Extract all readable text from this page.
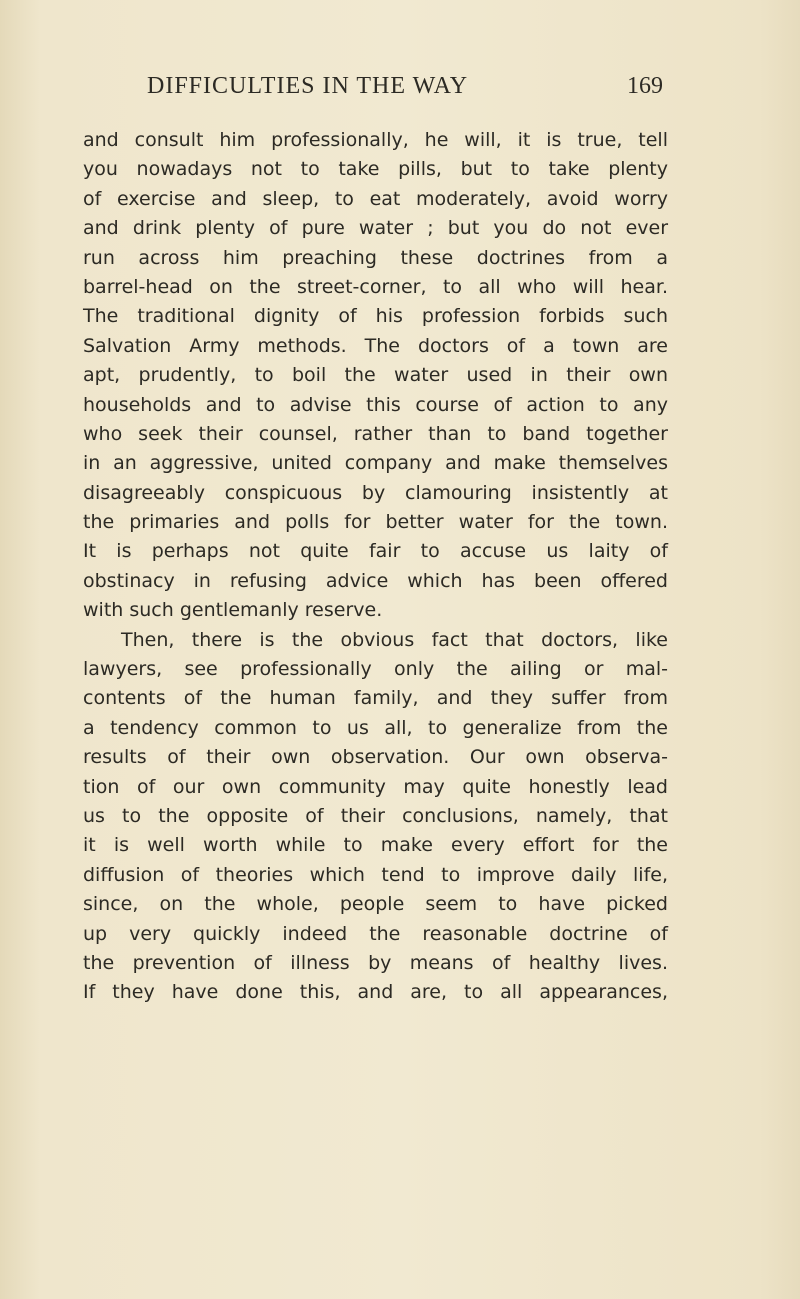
DIFFICULTIES IN THE WAY	169
and consult him professionally, he will, it is true, tell
you nowadays not to take pills, but to take plenty
of exercise and sleep, to eat moderately, avoid worry
and drink plenty of pure water ; but you do not ever
run across him preaching these doctrines from a
barrel-head on the street-corner, to all who will hear.
The traditional dignity of his profession forbids such
Salvation Army methods. The doctors of a town are
apt, prudently, to boil the water used in their own
households and to advise this course of action to any
who seek their counsel, rather than to band together
in an aggressive, united company and make themselves
disagreeably conspicuous by clamouring insistently at
the primaries and polls for better water for the town.
It is perhaps not quite fair to accuse us laity of
obstinacy in refusing advice which has been offered
with such gentlemanly reserve.
Then, there is the obvious fact that doctors, like
lawyers, see professionally only the ailing or mal-
contents of the human family, and they suffer from
a tendency common to us all, to generalize from the
results of their own observation. Our own observa-
tion of our own community may quite honestly lead
us to the opposite of their conclusions, namely, that
it is well worth while to make every effort for the
diffusion of theories which tend to improve daily life,
since, on the whole, people seem to have picked
up very quickly indeed the reasonable doctrine of
the prevention of illness by means of healthy lives.
If they have done this, and are, to all appearances,
